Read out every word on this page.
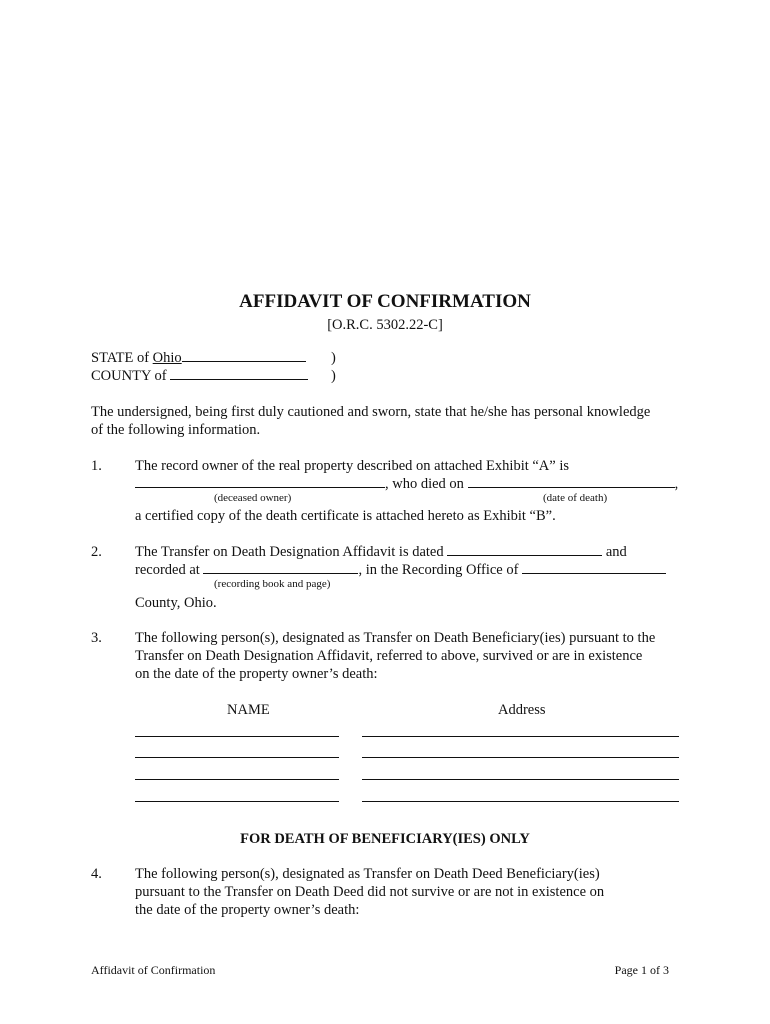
AFFIDAVIT OF CONFIRMATION
[O.R.C. 5302.22-C]
STATE of Ohio	)
COUNTY of	)
The undersigned, being first duly cautioned and sworn, state that he/she has personal knowledge
of the following information.
1. The record owner of the real property described on attached Exhibit “A” is
, who died on	,
(deceased owner)	(date of death)
a certified copy of the death certificate is attached hereto as Exhibit “B”.
2. The Transfer on Death Designation Affidavit is dated	and
recorded at	, in the Recording Office of
(recording book and page)
County, Ohio.
3. The following person(s), designated as Transfer on Death Beneficiary(ies) pursuant to the
Transfer on Death Designation Affidavit, referred to above, survived or are in existence
on the date of the property owner’s death:
NAME	Address
FOR DEATH OF BENEFICIARY(IES) ONLY
4. The following person(s), designated as Transfer on Death Deed Beneficiary(ies)
pursuant to the Transfer on Death Deed did not survive or are not in existence on
the date of the property owner’s death:
Affidavit of Confirmation	Page 1 of 3
